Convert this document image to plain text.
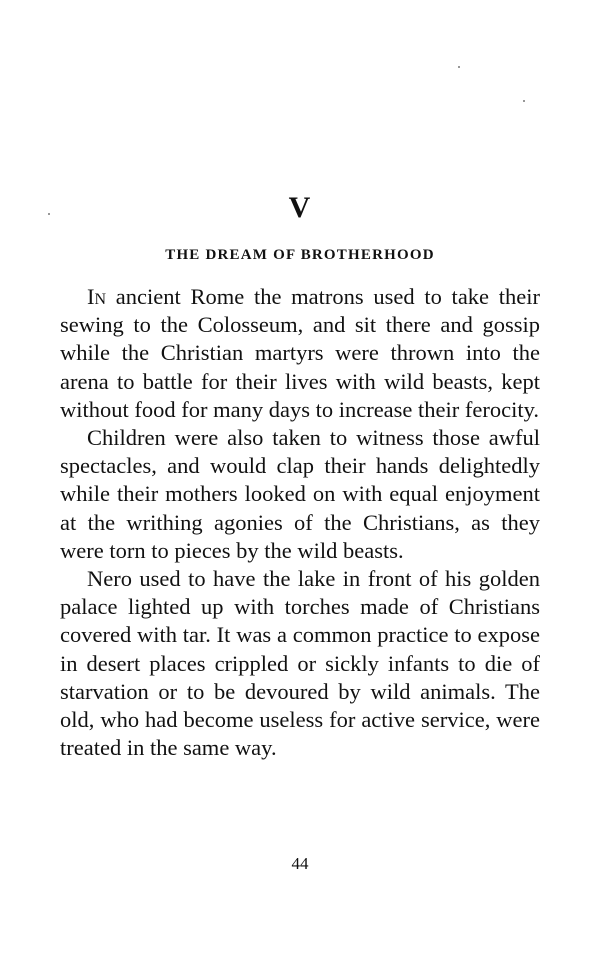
V
THE DREAM OF BROTHERHOOD

In ancient Rome the matrons used to take their sewing to the Colosseum, and sit there and gossip while the Christian martyrs were thrown into the arena to battle for their lives with wild beasts, kept without food for many days to increase their ferocity.

Children were also taken to witness those awful spectacles, and would clap their hands delightedly while their mothers looked on with equal enjoyment at the writhing agonies of the Christians, as they were torn to pieces by the wild beasts.

Nero used to have the lake in front of his golden palace lighted up with torches made of Christians covered with tar. It was a common practice to expose in desert places crippled or sickly infants to die of starvation or to be devoured by wild animals. The old, who had become useless for active service, were treated in the same way.

44
